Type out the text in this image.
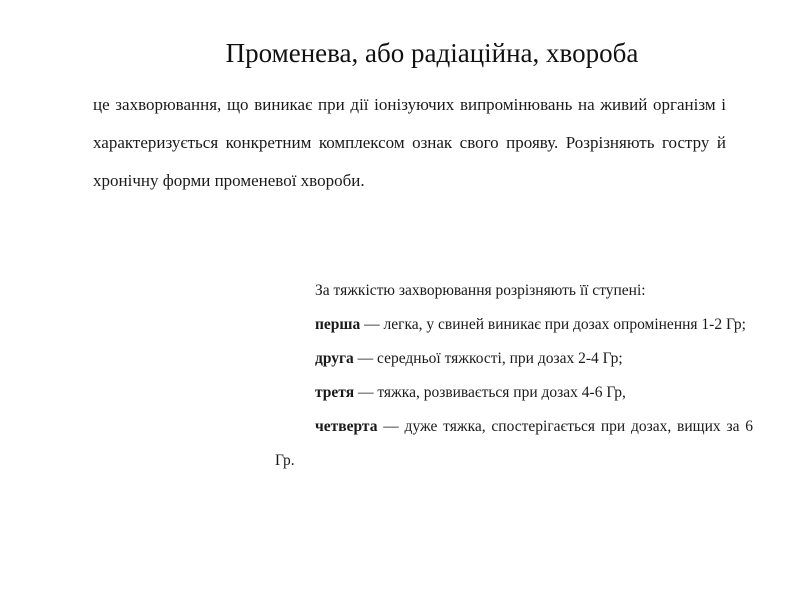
Променева, або радіаційна, хвороба

це захворювання, що виникає при дії іонізуючих випромінювань на живий організм і характеризується конкретним комплексом ознак свого прояву. Розрізняють гостру й хронічну форми променевої хвороби.

За тяжкістю захворювання розрізняють її ступені:

перша — легка, у свиней виникає при дозах опромінення 1-2 Гр;

друга — середньої тяжкості, при дозах 2-4 Гр;

третя — тяжка, розвивається при дозах 4-6 Гр,

четверта — дуже тяжка, спостерігається при дозах, вищих за 6 Гр.
